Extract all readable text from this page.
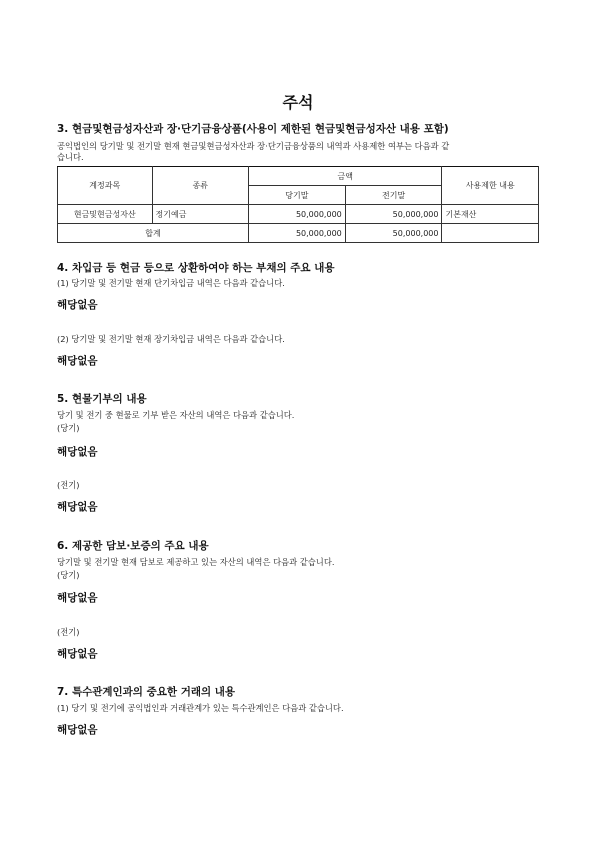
주석
3. 현금및현금성자산과 장·단기금융상품(사용이 제한된 현금및현금성자산 내용 포함)
공익법인의 당기말 및 전기말 현재 현금및현금성자산과 장·단기금융상품의 내역과 사용제한 여부는 다음과 같
습니다.
계정과목	종류	금액		사용제한 내용
		당기말	전기말	
현금및현금성자산	정기예금	50,000,000	50,000,000	기본재산
합계		50,000,000	50,000,000	
4. 차입금 등 현금 등으로 상환하여야 하는 부채의 주요 내용
(1) 당기말 및 전기말 현재 단기차입금 내역은 다음과 같습니다.
해당없음
(2) 당기말 및 전기말 현재 장기차입금 내역은 다음과 같습니다.
해당없음
5. 현물기부의 내용
당기 및 전기 중 현물로 기부 받은 자산의 내역은 다음과 같습니다.
(당기)
해당없음
(전기)
해당없음
6. 제공한 담보·보증의 주요 내용
당기말 및 전기말 현재 담보로 제공하고 있는 자산의 내역은 다음과 같습니다.
(당기)
해당없음
(전기)
해당없음
7. 특수관계인과의 중요한 거래의 내용
(1) 당기 및 전기에 공익법인과 거래관계가 있는 특수관계인은 다음과 같습니다.
해당없음
